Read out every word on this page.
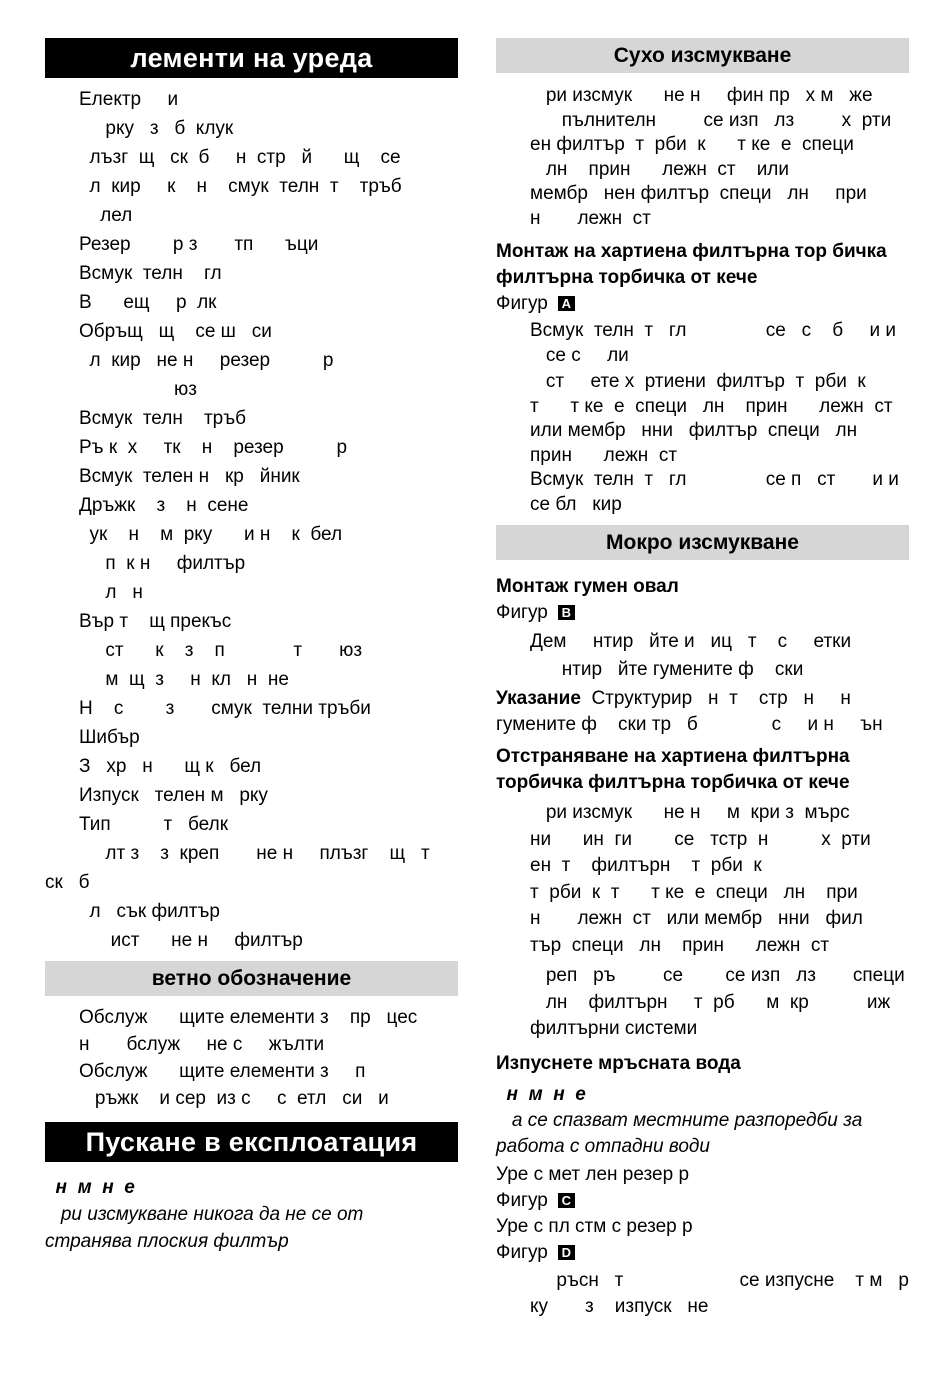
лементи на уреда
Електр     и
рку   з   б  клук
лъзг  щ   ск  б     н  стр   й      щ    се
л  кир     к    н    смук  телн  т    тръб
лел
Резер        р з       тп      ъци
Всмук  телн    гл
В      ещ     р  лк
Обръщ   щ    се ш   си
л  кир   не н     резер          р
юз
Всмук  телн    тръб
Ръ к  х     тк    н    резер          р
Всмук  телен н   кр   йник
Дръжк    з    н  сене
ук    н    м  рку      и н    к  бел
п  к н     филтър
л   н
Вър т    щ прекъс
ст      к    з    п             т       юз
м  щ  з     н  кл   н  не
Н    с        з       смук  телни тръби
Шибър
З   хр   н      щ к   бел
Изпуск   телен м   рку
Тип          т   белк
лт з    з  креп       не н     плъзг    щ   т
ск   б
л   сък филтър
ист      не н     филтър
ветно обозначение

Обслуж      щите елементи з    пр   цес
н       бслуж     не с     жълти

Обслуж      щите елементи з     п
ръжк    и сер  из с     с  етл   си   и

Пускане в експлоатация

н  м  н  е

ри изсмукване никога да не се от
странява плоския филтър

Сухо изсмукване

ри изсмук      не н     фин пр   х м   же
пълнителн         се изп   лз         х  рти
ен филтър  т  рби  к      т ке  е  специ
лн    прин      лежн  ст    или
мембр   нен филтър  специ   лн     при
н       лежн  ст

Монтаж на хартиена филтърна тор бичка филтърна торбичка от кече

Фигур A

Всмук  телн  т   гл               се   с    б     и и
се с     ли

ст     ете х  ртиени  филтър  т  рби  к
т      т ке  е  специ   лн    прин      лежн  ст
или мембр   нни   филтър  специ   лн
прин      лежн  ст

Всмук  телн  т   гл               се п   ст       и и
се бл   кир

Мокро изсмукване

Монтаж гумен овал

Фигур B

Дем     нтир   йте и   иц   т    с     етки

нтир   йте гумените ф    ски

Указание  Структурир   н  т    стр   н     н
гумените ф    ски тр   б              с     и н     ън

Отстраняване на хартиена филтърна торбичка филтърна торбичка от кече

ри изсмук      не н     м  кри з  мърс
ни      ин  ги        се   тстр  н          х  рти
ен  т    филтърн    т  рби  к
т  рби  к  т      т ке  е  специ   лн    при
н       лежн  ст   или мембр   нни   фил
тър  специ   лн    прин      лежн  ст

реп   ръ         се        се изп   лз       специ
лн    филтърн     т  рб      м  кр           иж
филтърни системи

Изпуснете мръсната вода

н  м  н  е

а се спазват местните разпоредби за
работа с отпадни води

Уре с мет лен резер р

Фигур C

Уре с пл стм с резер р

Фигур D

ръсн   т                      се изпусне    т м   р
ку       з    изпуск   не
